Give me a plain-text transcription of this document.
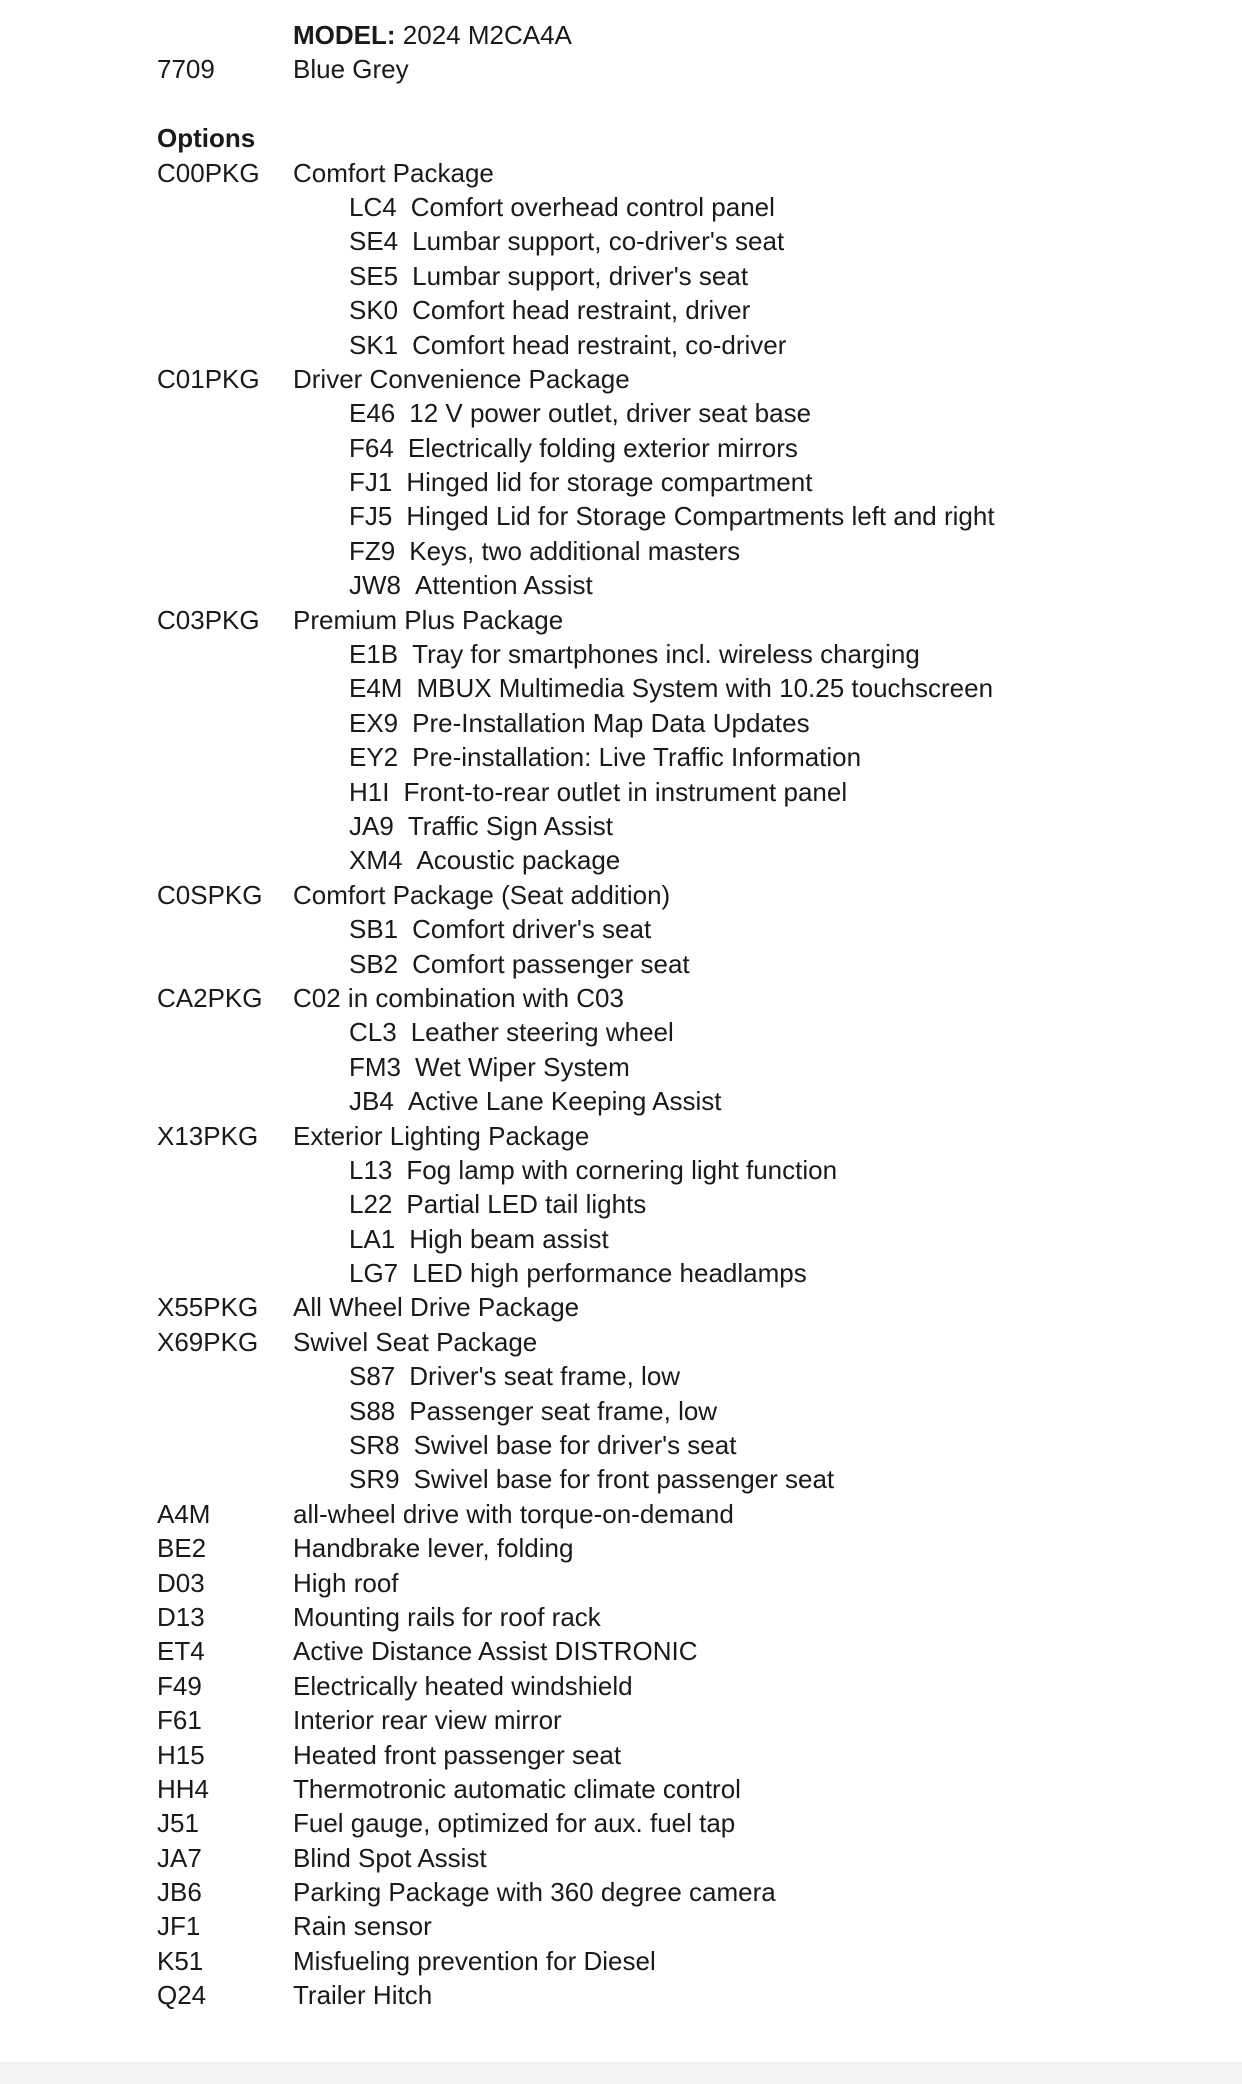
MODEL: 2024 M2CA4A
7709	Blue Grey
Options
C00PKG Comfort Package
LC4 Comfort overhead control panel
SE4 Lumbar support, co-driver's seat
SE5 Lumbar support, driver's seat
SK0 Comfort head restraint, driver
SK1 Comfort head restraint, co-driver
C01PKG Driver Convenience Package
E46 12 V power outlet, driver seat base
F64 Electrically folding exterior mirrors
FJ1 Hinged lid for storage compartment
FJ5 Hinged Lid for Storage Compartments left and right
FZ9 Keys, two additional masters
JW8 Attention Assist
C03PKG Premium Plus Package
E1B Tray for smartphones incl. wireless charging
E4M MBUX Multimedia System with 10.25 touchscreen
EX9 Pre-Installation Map Data Updates
EY2 Pre-installation: Live Traffic Information
H1I Front-to-rear outlet in instrument panel
JA9 Traffic Sign Assist
XM4 Acoustic package
C0SPKG Comfort Package (Seat addition)
SB1 Comfort driver's seat
SB2 Comfort passenger seat
CA2PKG C02 in combination with C03
CL3 Leather steering wheel
FM3 Wet Wiper System
JB4 Active Lane Keeping Assist
X13PKG Exterior Lighting Package
L13 Fog lamp with cornering light function
L22 Partial LED tail lights
LA1 High beam assist
LG7 LED high performance headlamps
X55PKG All Wheel Drive Package
X69PKG Swivel Seat Package
S87 Driver's seat frame, low
S88 Passenger seat frame, low
SR8 Swivel base for driver's seat
SR9 Swivel base for front passenger seat
A4M	all-wheel drive with torque-on-demand
BE2	Handbrake lever, folding
D03	High roof
D13	Mounting rails for roof rack
ET4	Active Distance Assist DISTRONIC
F49	Electrically heated windshield
F61	Interior rear view mirror
H15	Heated front passenger seat
HH4	Thermotronic automatic climate control
J51	Fuel gauge, optimized for aux. fuel tap
JA7	Blind Spot Assist
JB6	Parking Package with 360 degree camera
JF1	Rain sensor
K51	Misfueling prevention for Diesel
Q24	Trailer Hitch
